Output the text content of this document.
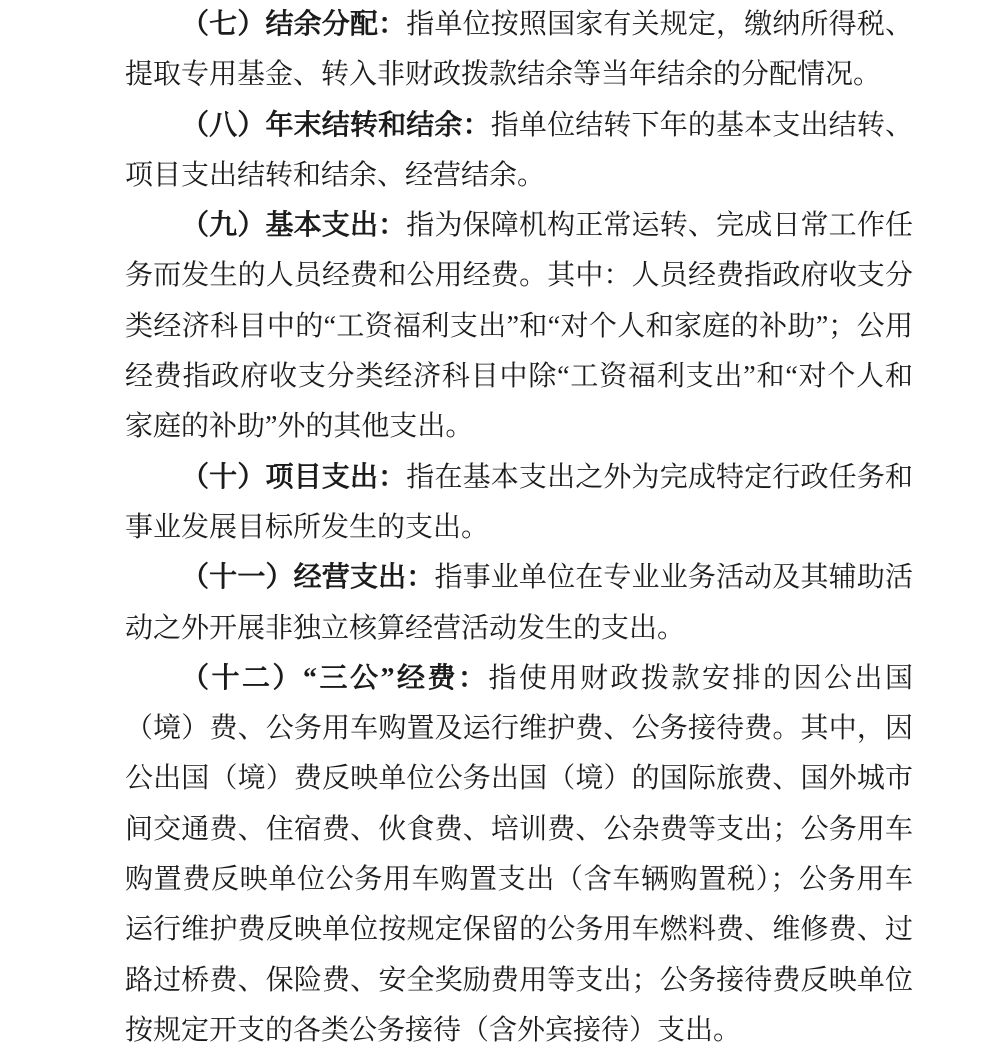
（七）结余分配：指单位按照国家有关规定，缴纳所得税、提取专用基金、转入非财政拨款结余等当年结余的分配情况。

（八）年末结转和结余：指单位结转下年的基本支出结转、项目支出结转和结余、经营结余。

（九）基本支出：指为保障机构正常运转、完成日常工作任务而发生的人员经费和公用经费。其中：人员经费指政府收支分类经济科目中的“工资福利支出”和“对个人和家庭的补助”；公用经费指政府收支分类经济科目中除“工资福利支出”和“对个人和家庭的补助”外的其他支出。

（十）项目支出：指在基本支出之外为完成特定行政任务和事业发展目标所发生的支出。

（十一）经营支出：指事业单位在专业业务活动及其辅助活动之外开展非独立核算经营活动发生的支出。

（十二）“三公”经费：指使用财政拨款安排的因公出国（境）费、公务用车购置及运行维护费、公务接待费。其中，因公出国（境）费反映单位公务出国（境）的国际旅费、国外城市间交通费、住宿费、伙食费、培训费、公杂费等支出；公务用车购置费反映单位公务用车购置支出（含车辆购置税）；公务用车运行维护费反映单位按规定保留的公务用车燃料费、维修费、过路过桥费、保险费、安全奖励费用等支出；公务接待费反映单位按规定开支的各类公务接待（含外宾接待）支出。
